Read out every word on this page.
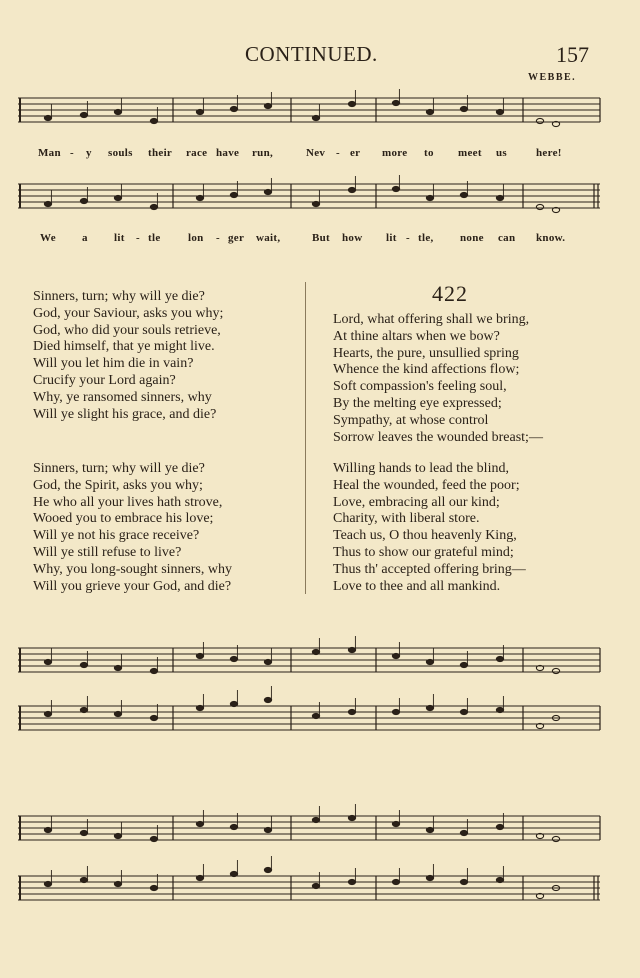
CONTINUED.	157
WEBBE.
Man - y souls their race have run,	Nev - er more to meet us	here!
We a lit - tle lon - ger wait,	But how lit - tle, none can know.
Sinners, turn; why will ye die?
God, your Saviour, asks you why;
God, who did your souls retrieve,
Died himself, that ye might live.
Will you let him die in vain?
Crucify your Lord again?
Why, ye ransomed sinners, why
Will ye slight his grace, and die?
Sinners, turn; why will ye die?
God, the Spirit, asks you why;
He who all your lives hath strove,
Wooed you to embrace his love;
Will ye not his grace receive?
Will ye still refuse to live?
Why, you long-sought sinners, why
Will you grieve your God, and die?
422
Lord, what offering shall we bring,
At thine altars when we bow?
Hearts, the pure, unsullied spring
Whence the kind affections flow;
Soft compassion's feeling soul,
By the melting eye expressed;
Sympathy, at whose control
Sorrow leaves the wounded breast;—
Willing hands to lead the blind,
Heal the wounded, feed the poor;
Love, embracing all our kind;
Charity, with liberal store.
Teach us, O thou heavenly King,
Thus to show our grateful mind;
Thus th' accepted offering bring—
Love to thee and all mankind.
